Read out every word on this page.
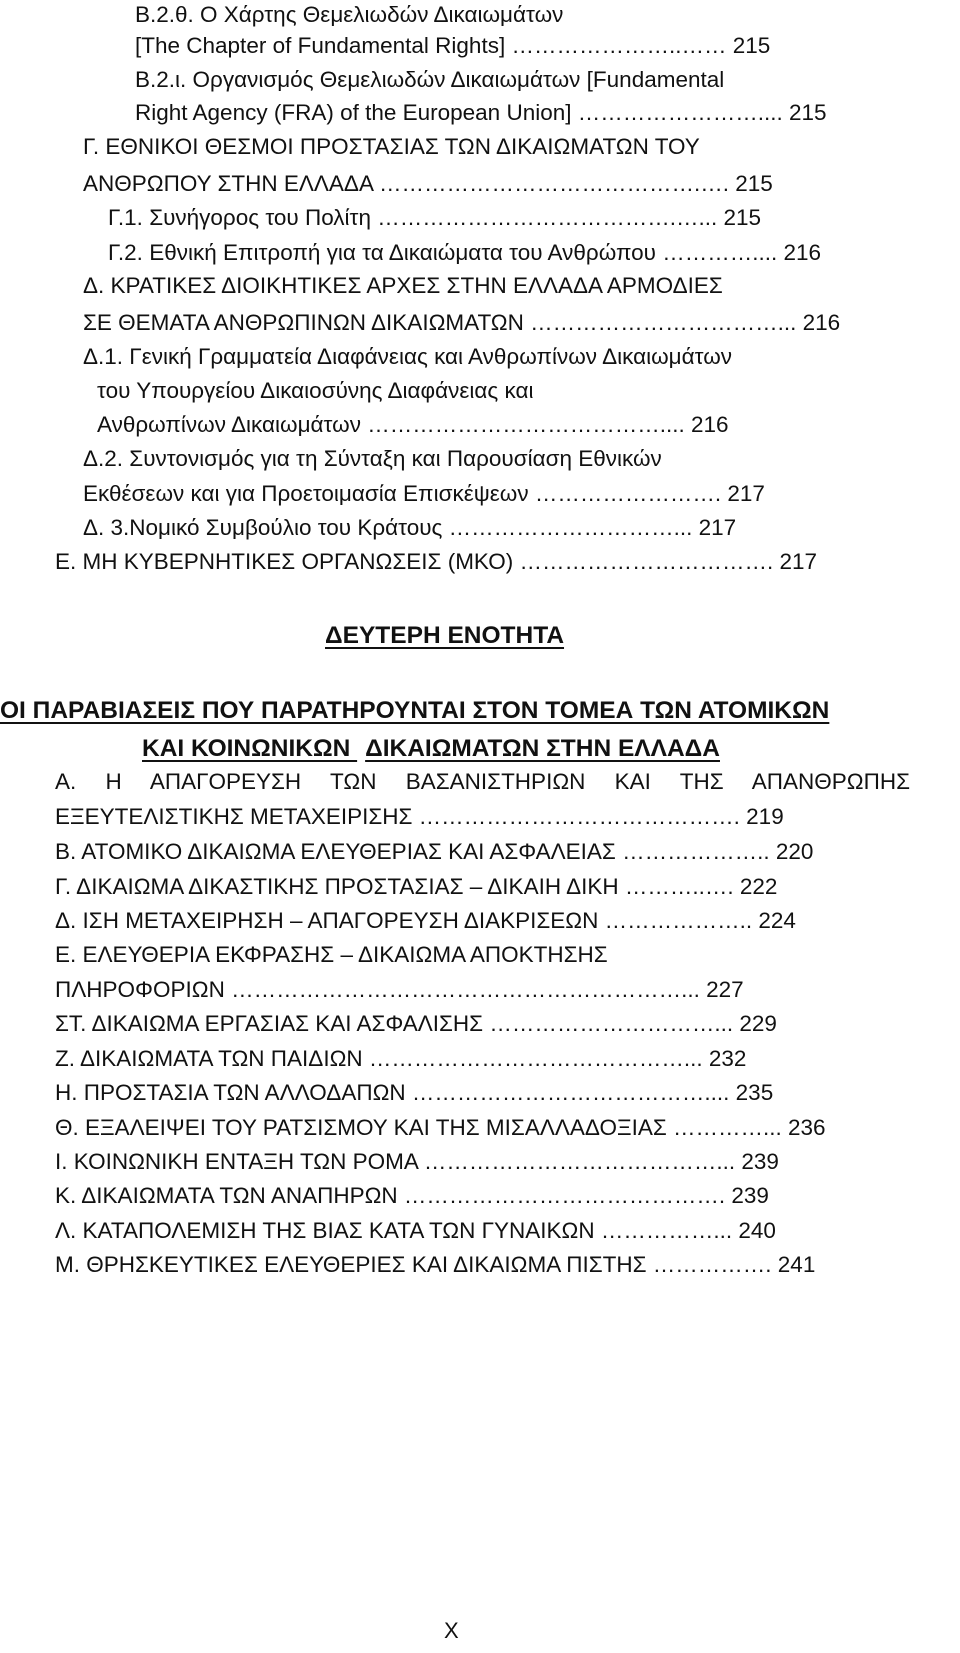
Β.2.θ. Ο Χάρτης Θεμελιωδών Δικαιωμάτων
[The Chapter of Fundamental Rights] …………………..…… 215
Β.2.ι. Οργανισμός Θεμελιωδών Δικαιωμάτων [Fundamental
Right Agency (FRA) of the European Union] …………………….... 215
Γ. ΕΘΝΙΚΟΙ ΘΕΣΜΟΙ ΠΡΟΣΤΑΣΙΑΣ ΤΩΝ ΔΙΚΑΙΩΜΑΤΩΝ ΤΟΥ
ΑΝΘΡΩΠΟΥ ΣΤΗΝ ΕΛΛΑΔΑ …………………………………….…. 215
Γ.1. Συνήγορος του Πολίτη ………………………………….…... 215
Γ.2. Εθνική Επιτροπή για τα Δικαιώματα του Ανθρώπου ………….... 216
Δ. ΚΡΑΤΙΚΕΣ ΔΙΟΙΚΗΤΙΚΕΣ ΑΡΧΕΣ ΣΤΗΝ ΕΛΛΑΔΑ ΑΡΜΟΔΙΕΣ
ΣΕ ΘΕΜΑΤΑ ΑΝΘΡΩΠΙΝΩΝ ΔΙΚΑΙΩΜΑΤΩΝ ……………………………... 216
Δ.1. Γενική Γραμματεία Διαφάνειας και Ανθρωπίνων Δικαιωμάτων
του Υπουργείου Δικαιοσύνης Διαφάνειας και
Ανθρωπίνων Δικαιωμάτων ………………………………….... 216
Δ.2. Συντονισμός για τη Σύνταξη και Παρουσίαση Εθνικών
Εκθέσεων και για Προετοιμασία Επισκέψεων ……………………. 217
Δ. 3.Νομικό Συμβούλιο του Κράτους …………………………... 217
Ε. ΜΗ ΚΥΒΕΡΝΗΤΙΚΕΣ ΟΡΓΑΝΩΣΕΙΣ (ΜΚΟ) ……………………………. 217
ΔΕΥΤΕΡΗ ΕΝΟΤΗΤΑ
ΟΙ ΠΑΡΑΒΙΑΣΕΙΣ ΠΟΥ ΠΑΡΑΤΗΡΟΥΝΤΑΙ ΣΤΟΝ ΤΟΜΕΑ ΤΩΝ ΑΤΟΜΙΚΩΝ
ΚΑΙ ΚΟΙΝΩΝΙΚΩΝ ΔΙΚΑΙΩΜΑΤΩΝ ΣΤΗΝ ΕΛΛΑΔΑ
Α. Η ΑΠΑΓΟΡΕΥΣΗ ΤΩΝ ΒΑΣΑΝΙΣΤΗΡΙΩΝ ΚΑΙ ΤΗΣ ΑΠΑΝΘΡΩΠΗΣ
ΕΞΕΥΤΕΛΙΣΤΙΚΗΣ ΜΕΤΑΧΕΙΡΙΣΗΣ ……………………………………. 219
Β. ΑΤΟΜΙΚΟ ΔΙΚΑΙΩΜΑ ΕΛΕΥΘΕΡΙΑΣ ΚΑΙ ΑΣΦΑΛΕΙΑΣ ……………….. 220
Γ. ΔΙΚΑΙΩΜΑ ΔΙΚΑΣΤΙΚΗΣ ΠΡΟΣΤΑΣΙΑΣ – ΔΙΚΑΙΗ ΔΙΚΗ ………..…. 222
Δ. ΙΣΗ ΜΕΤΑΧΕΙΡΗΣΗ – ΑΠΑΓΟΡΕΥΣΗ ΔΙΑΚΡΙΣΕΩΝ ……………….. 224
Ε. ΕΛΕΥΘΕΡΙΑ ΕΚΦΡΑΣΗΣ – ΔΙΚΑΙΩΜΑ ΑΠΟΚΤΗΣΗΣ
ΠΛΗΡΟΦΟΡΙΩΝ ……………………………………………………... 227
ΣΤ. ΔΙΚΑΙΩΜΑ ΕΡΓΑΣΙΑΣ ΚΑΙ ΑΣΦΑΛΙΣΗΣ …………………………... 229
Ζ. ΔΙΚΑΙΩΜΑΤΑ ΤΩΝ ΠΑΙΔΙΩΝ ……………………………………... 232
Η. ΠΡΟΣΤΑΣΙΑ ΤΩΝ ΑΛΛΟΔΑΠΩΝ ………………………………….... 235
Θ. ΕΞΑΛΕΙΨΕΙ ΤΟΥ ΡΑΤΣΙΣΜΟΥ ΚΑΙ ΤΗΣ ΜΙΣΑΛΛΑΔΟΞΙΑΣ …………... 236
Ι. ΚΟΙΝΩΝΙΚΗ ΕΝΤΑΞΗ ΤΩΝ ΡΟΜΑ …………………………………... 239
Κ. ΔΙΚΑΙΩΜΑΤΑ ΤΩΝ ΑΝΑΠΗΡΩΝ ……………………………………. 239
Λ. ΚΑΤΑΠΟΛΕΜΙΣΗ ΤΗΣ ΒΙΑΣ ΚΑΤΑ ΤΩΝ ΓΥΝΑΙΚΩΝ ……………... 240
Μ. ΘΡΗΣΚΕΥΤΙΚΕΣ ΕΛΕΥΘΕΡΙΕΣ ΚΑΙ ΔΙΚΑΙΩΜΑ ΠΙΣΤΗΣ ……………. 241
X
